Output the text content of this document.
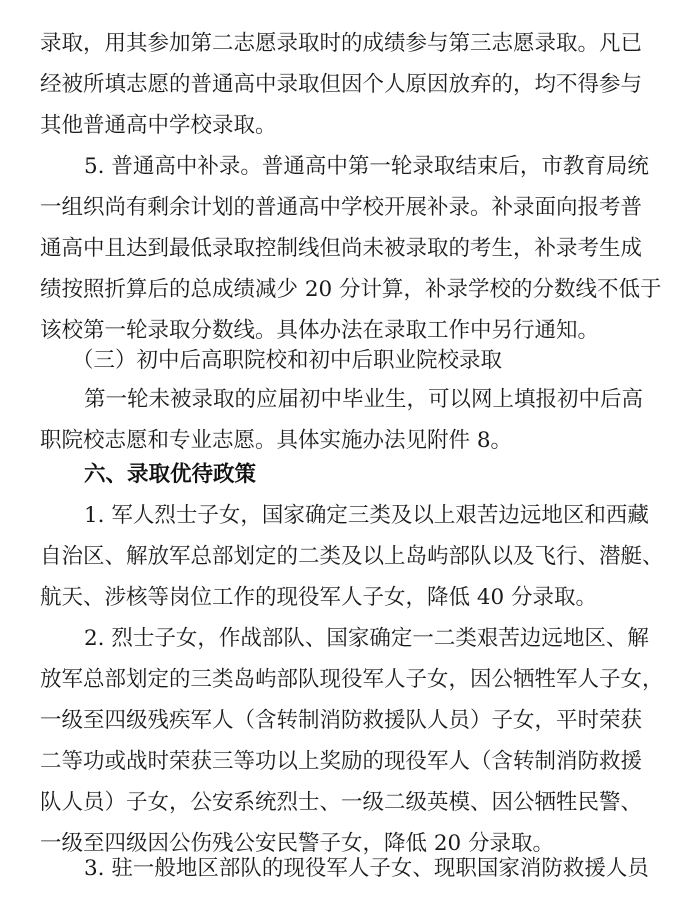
录取，用其参加第二志愿录取时的成绩参与第三志愿录取。凡已

经被所填志愿的普通高中录取但因个人原因放弃的，均不得参与

其他普通高中学校录取。

5. 普通高中补录。普通高中第一轮录取结束后，市教育局统

一组织尚有剩余计划的普通高中学校开展补录。补录面向报考普

通高中且达到最低录取控制线但尚未被录取的考生，补录考生成

绩按照折算后的总成绩减少 20 分计算，补录学校的分数线不低于

该校第一轮录取分数线。具体办法在录取工作中另行通知。

（三）初中后高职院校和初中后职业院校录取

第一轮未被录取的应届初中毕业生，可以网上填报初中后高

职院校志愿和专业志愿。具体实施办法见附件 8。

六、录取优待政策

1. 军人烈士子女，国家确定三类及以上艰苦边远地区和西藏

自治区、解放军总部划定的二类及以上岛屿部队以及飞行、潜艇、

航天、涉核等岗位工作的现役军人子女，降低 40 分录取。

2. 烈士子女，作战部队、国家确定一二类艰苦边远地区、解

放军总部划定的三类岛屿部队现役军人子女，因公牺牲军人子女，

一级至四级残疾军人（含转制消防救援队人员）子女，平时荣获

二等功或战时荣获三等功以上奖励的现役军人（含转制消防救援

队人员）子女，公安系统烈士、一级二级英模、因公牺牲民警、

一级至四级因公伤残公安民警子女，降低 20 分录取。

3. 驻一般地区部队的现役军人子女、现职国家消防救援人员
